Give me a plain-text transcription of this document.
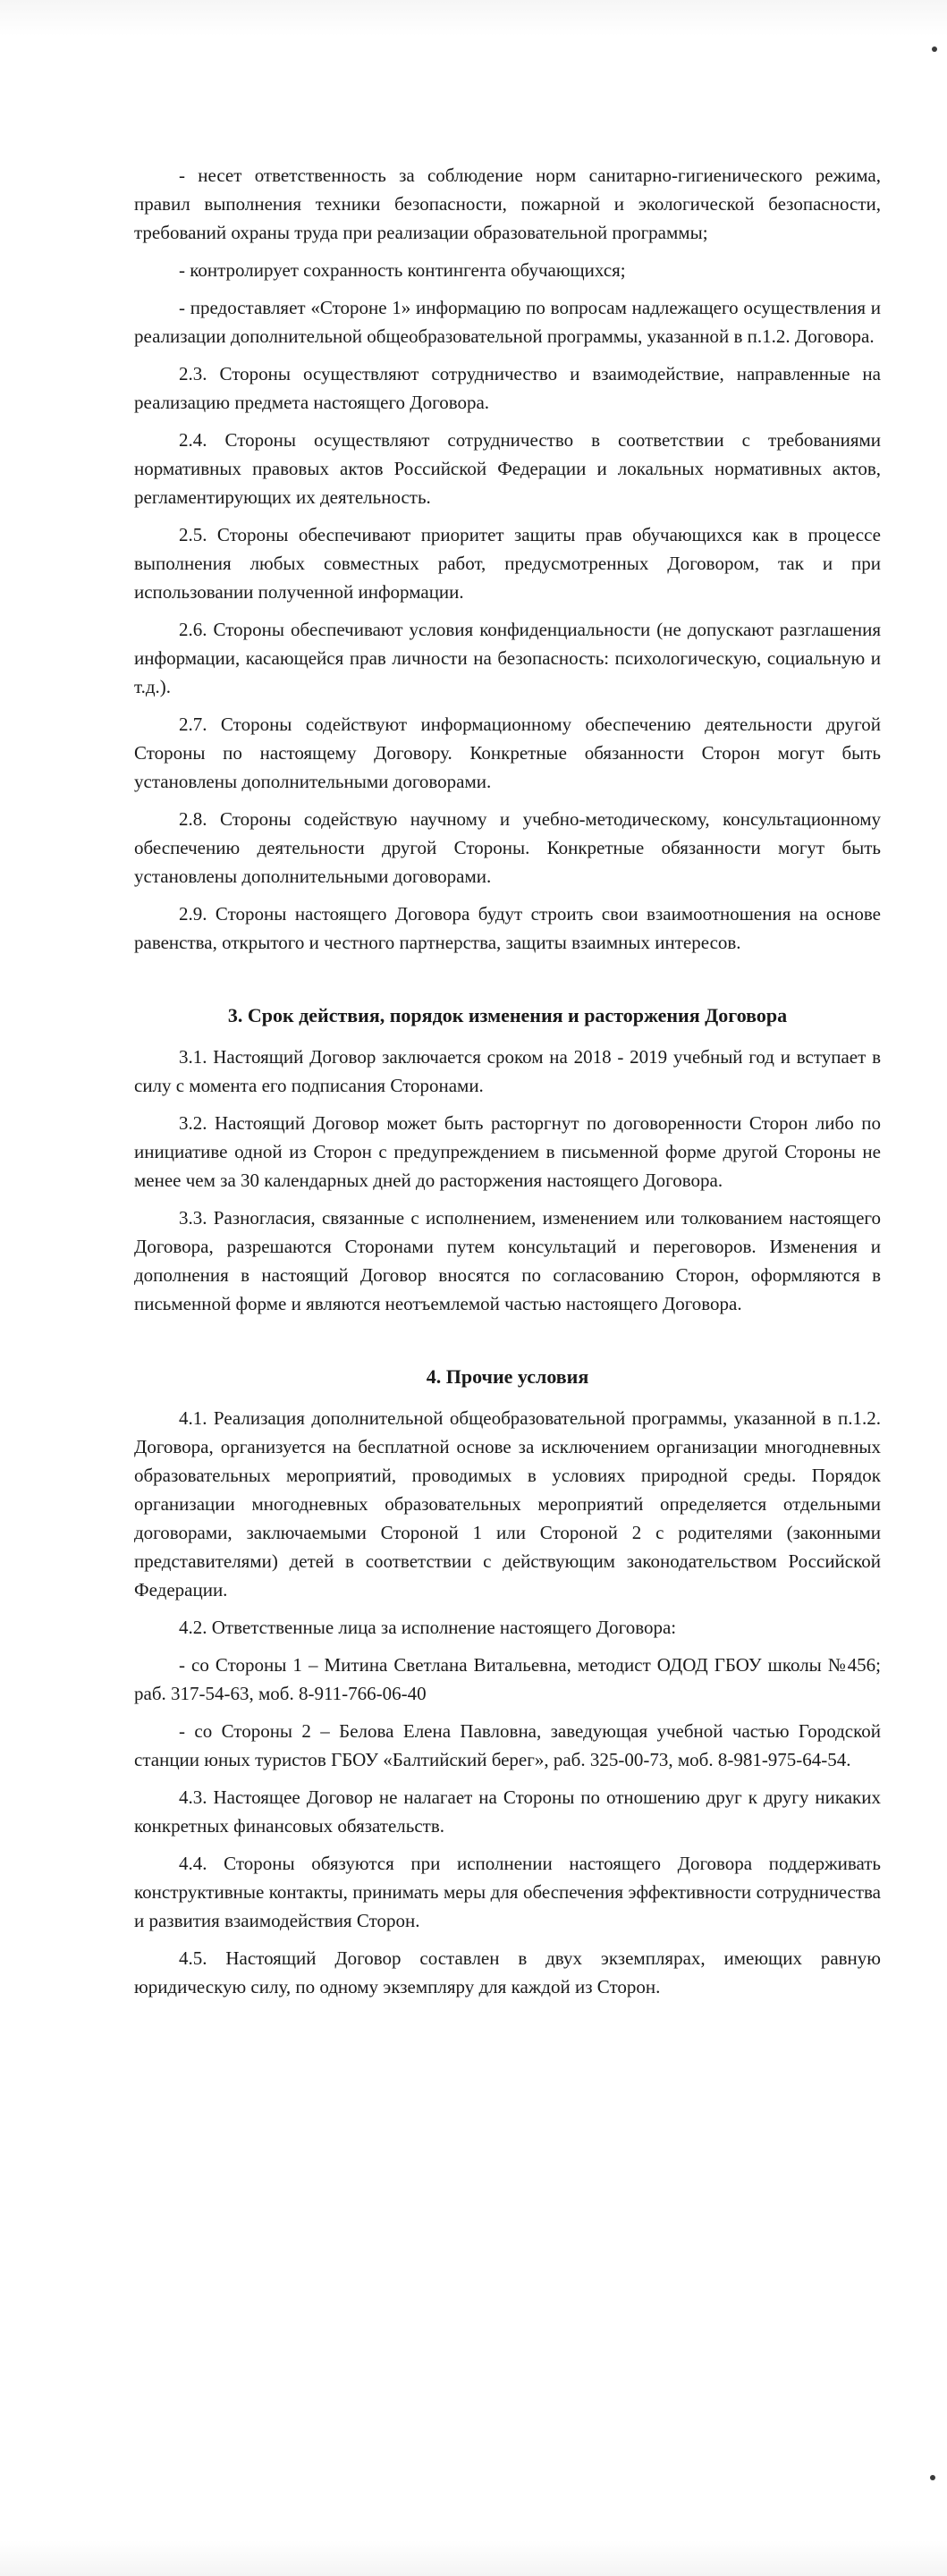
- несет ответственность за соблюдение норм санитарно-гигиенического режима, правил выполнения техники безопасности, пожарной и экологической безопасности, требований охраны труда при реализации образовательной программы;

- контролирует сохранность контингента обучающихся;

- предоставляет «Стороне 1» информацию по вопросам надлежащего осуществления и реализации дополнительной общеобразовательной программы, указанной в п.1.2. Договора.

2.3. Стороны осуществляют сотрудничество и взаимодействие, направленные на реализацию предмета настоящего Договора.

2.4. Стороны осуществляют сотрудничество в соответствии с требованиями нормативных правовых актов Российской Федерации и локальных нормативных актов, регламентирующих их деятельность.

2.5. Стороны обеспечивают приоритет защиты прав обучающихся как в процессе выполнения любых совместных работ, предусмотренных Договором, так и при использовании полученной информации.

2.6. Стороны обеспечивают условия конфиденциальности (не допускают разглашения информации, касающейся прав личности на безопасность: психологическую, социальную и т.д.).

2.7. Стороны содействуют информационному обеспечению деятельности другой Стороны по настоящему Договору. Конкретные обязанности Сторон могут быть установлены дополнительными договорами.

2.8. Стороны содействую научному и учебно-методическому, консультационному обеспечению деятельности другой Стороны. Конкретные обязанности могут быть установлены дополнительными договорами.

2.9. Стороны настоящего Договора будут строить свои взаимоотношения на основе равенства, открытого и честного партнерства, защиты взаимных интересов.

3. Срок действия, порядок изменения и расторжения Договора

3.1. Настоящий Договор заключается сроком на 2018 - 2019 учебный год и вступает в силу с момента его подписания Сторонами.

3.2. Настоящий Договор может быть расторгнут по договоренности Сторон либо по инициативе одной из Сторон с предупреждением в письменной форме другой Стороны не менее чем за 30 календарных дней до расторжения настоящего Договора.

3.3. Разногласия, связанные с исполнением, изменением или толкованием настоящего Договора, разрешаются Сторонами путем консультаций и переговоров. Изменения и дополнения в настоящий Договор вносятся по согласованию Сторон, оформляются в письменной форме и являются неотъемлемой частью настоящего Договора.

4. Прочие условия

4.1. Реализация дополнительной общеобразовательной программы, указанной в п.1.2. Договора, организуется на бесплатной основе за исключением организации многодневных образовательных мероприятий, проводимых в условиях природной среды. Порядок организации многодневных образовательных мероприятий определяется отдельными договорами, заключаемыми Стороной 1 или Стороной 2 с родителями (законными представителями) детей в соответствии с действующим законодательством Российской Федерации.

4.2. Ответственные лица за исполнение настоящего Договора:

- со Стороны 1 – Митина Светлана Витальевна, методист ОДОД ГБОУ школы №456; раб. 317-54-63, моб. 8-911-766-06-40

- со Стороны 2 – Белова Елена Павловна, заведующая учебной частью Городской станции юных туристов ГБОУ «Балтийский берег», раб. 325-00-73, моб. 8-981-975-64-54.

4.3. Настоящее Договор не налагает на Стороны по отношению друг к другу никаких конкретных финансовых обязательств.

4.4. Стороны обязуются при исполнении настоящего Договора поддерживать конструктивные контакты, принимать меры для обеспечения эффективности сотрудничества и развития взаимодействия Сторон.

4.5. Настоящий Договор составлен в двух экземплярах, имеющих равную юридическую силу, по одному экземпляру для каждой из Сторон.
